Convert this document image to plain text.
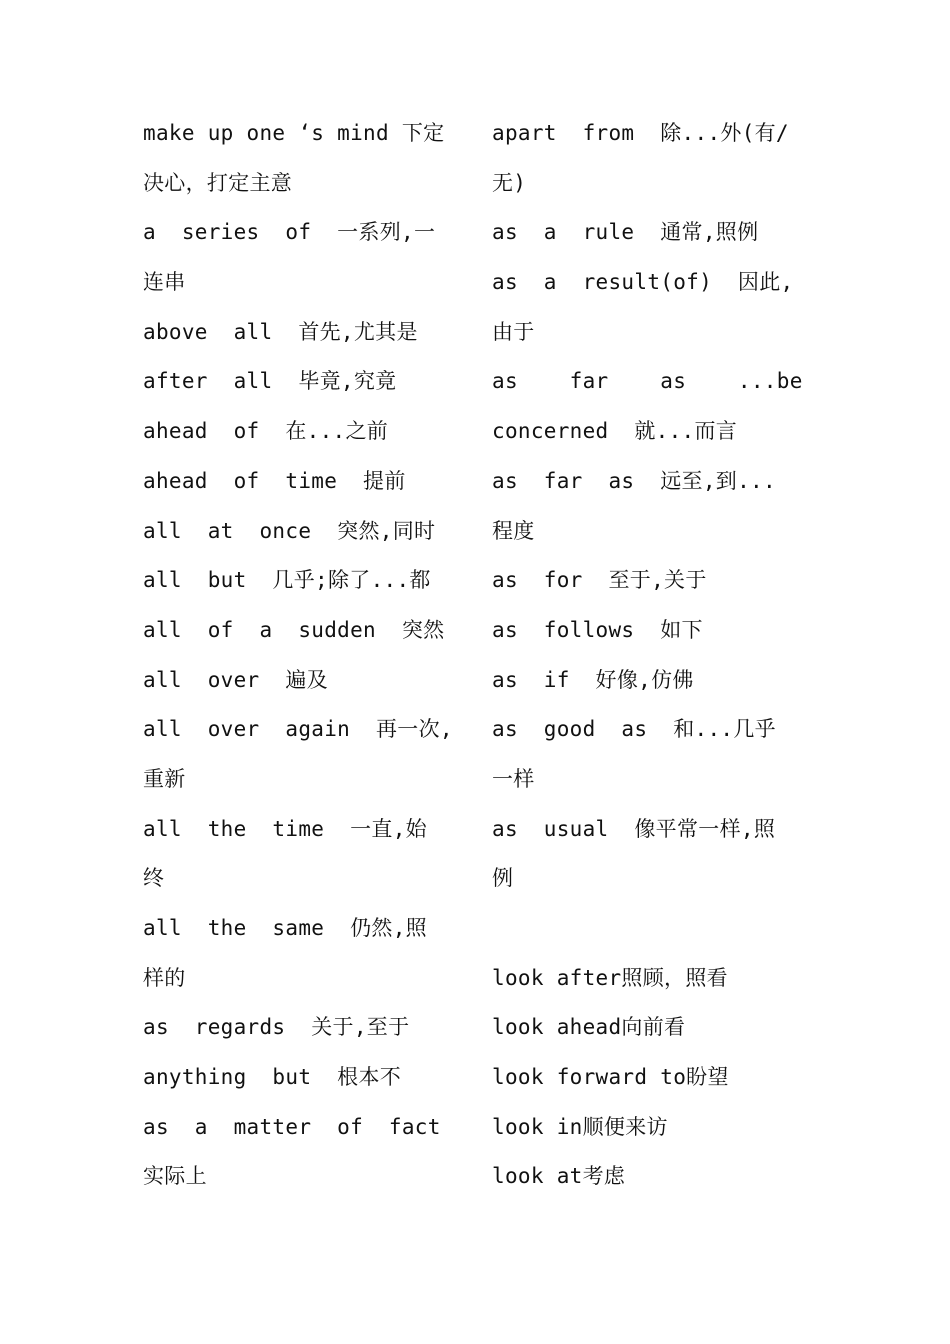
make up one ‘s mind 下定
决心，打定主意
a  series  of  一系列,一
连串
above  all  首先,尤其是
after  all  毕竟,究竟
ahead  of  在...之前
ahead  of  time  提前
all  at  once  突然,同时
all  but  几乎;除了...都
all  of  a  sudden  突然
all  over  遍及
all  over  again  再一次,
重新
all  the  time  一直,始
终
all  the  same  仍然,照
样的
as  regards  关于,至于
anything  but  根本不
as  a  matter  of  fact
实际上
apart  from  除...外(有/
无)
as  a  rule  通常,照例
as  a  result(of)  因此,
由于
as    far    as    ...be
concerned  就...而言
as  far  as  远至,到...
程度
as  for  至于,关于
as  follows  如下
as  if  好像,仿佛
as  good  as  和...几乎
一样
as  usual  像平常一样,照
例
look after照顾，照看
look ahead向前看
look forward to盼望
look in顺便来访
look at考虑
